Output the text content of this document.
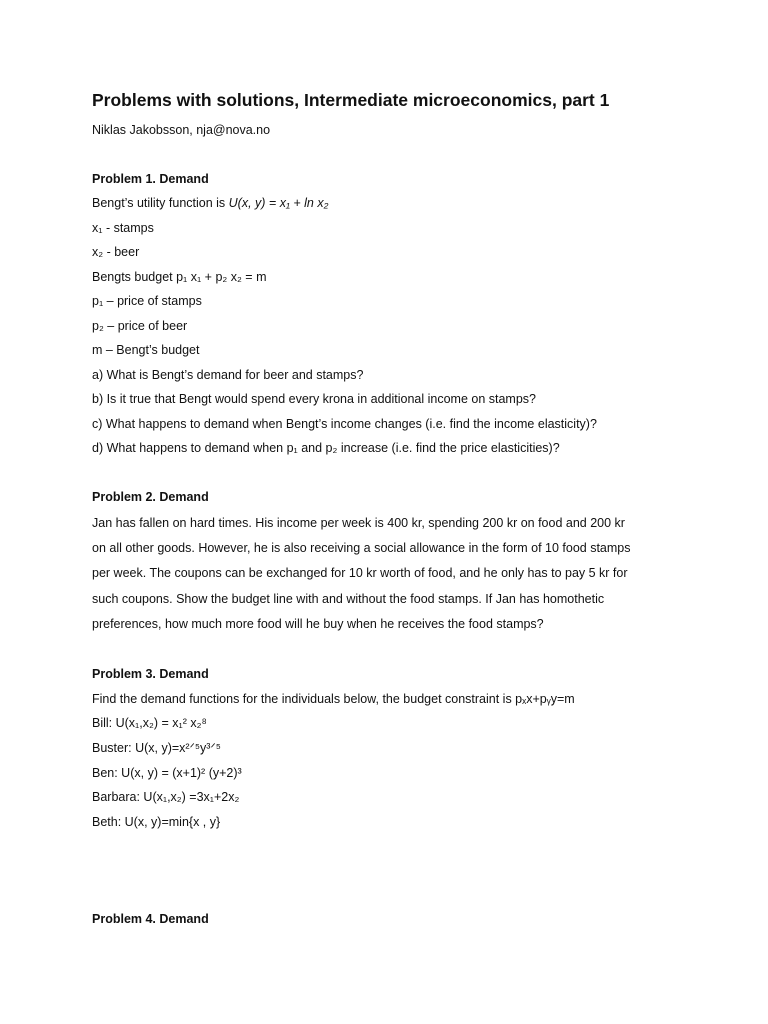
Problems with solutions, Intermediate microeconomics, part 1
Niklas Jakobsson, nja@nova.no
Problem 1. Demand
Bengt’s utility function is U(x, y) = x₁ + ln x₂
x₁ - stamps
x₂ - beer
Bengts budget p₁ x₁ + p₂ x₂ = m
p₁ – price of stamps
p₂ – price of beer
m – Bengt’s budget
a) What is Bengt’s demand for beer and stamps?
b) Is it true that Bengt would spend every krona in additional income on stamps?
c) What happens to demand when Bengt’s income changes (i.e. find the income elasticity)?
d) What happens to demand when p₁ and p₂ increase (i.e. find the price elasticities)?
Problem 2. Demand
Jan has fallen on hard times. His income per week is 400 kr, spending 200 kr on food and 200 kr
on all other goods. However, he is also receiving a social allowance in the form of 10 food stamps
per week. The coupons can be exchanged for 10 kr worth of food, and he only has to pay 5 kr for
such coupons. Show the budget line with and without the food stamps. If Jan has homothetic
preferences, how much more food will he buy when he receives the food stamps?
Problem 3. Demand
Find the demand functions for the individuals below, the budget constraint is pₓx+pᵧy=m
Bill: U(x₁,x₂) = x₁² x₂⁸
Buster: U(x, y)=x²ᐟ⁵y³ᐟ⁵
Ben: U(x, y) = (x+1)² (y+2)³
Barbara: U(x₁,x₂) =3x₁+2x₂
Beth: U(x, y)=min{x , y}
Problem 4. Demand
